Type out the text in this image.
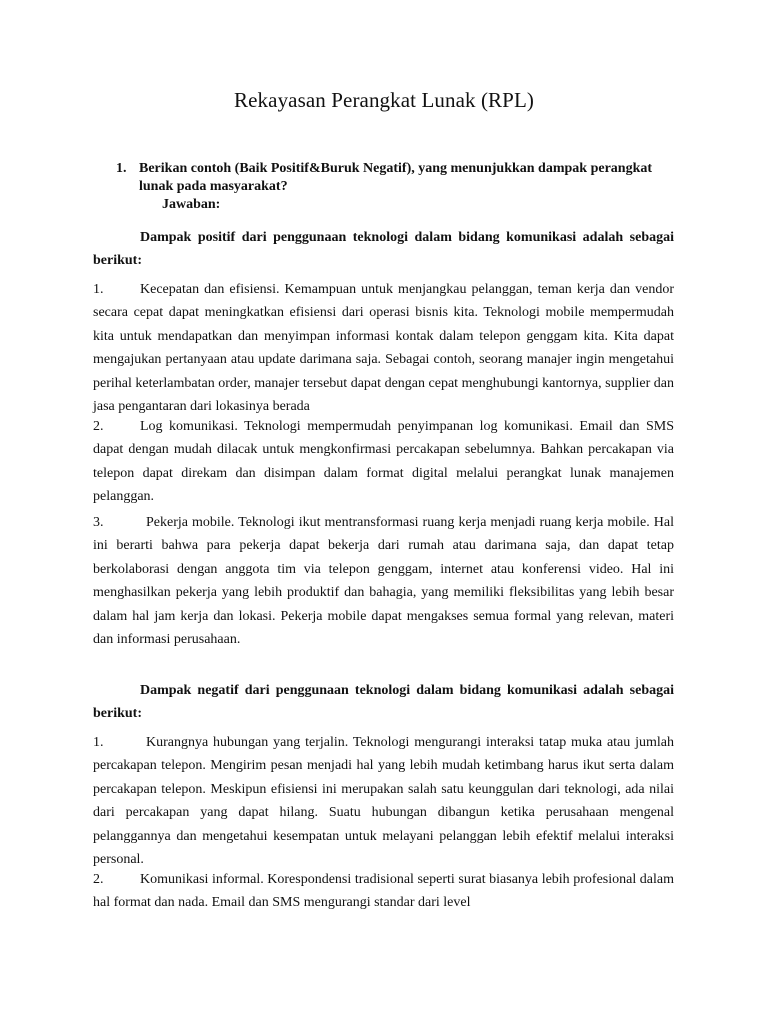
Rekayasan Perangkat Lunak (RPL)
1. Berikan contoh (Baik Positif&Buruk Negatif), yang menunjukkan dampak perangkat lunak pada masyarakat?
Jawaban:

Dampak positif dari penggunaan teknologi dalam bidang komunikasi adalah sebagai berikut:

1.	Kecepatan dan efisiensi. Kemampuan untuk menjangkau pelanggan, teman kerja dan vendor secara cepat dapat meningkatkan efisiensi dari operasi bisnis kita. Teknologi mobile mempermudah kita untuk mendapatkan dan menyimpan informasi kontak dalam telepon genggam kita. Kita dapat mengajukan pertanyaan atau update darimana saja. Sebagai contoh, seorang manajer ingin mengetahui perihal keterlambatan order, manajer tersebut dapat dengan cepat menghubungi kantornya, supplier dan jasa pengantaran dari lokasinya berada

2.	Log komunikasi. Teknologi mempermudah penyimpanan log komunikasi. Email dan SMS dapat dengan mudah dilacak untuk mengkonfirmasi percakapan sebelumnya. Bahkan percakapan via telepon dapat direkam dan disimpan dalam format digital melalui perangkat lunak manajemen pelanggan.

3.	Pekerja mobile. Teknologi ikut mentransformasi ruang kerja menjadi ruang kerja mobile. Hal ini berarti bahwa para pekerja dapat bekerja dari rumah atau darimana saja, dan dapat tetap berkolaborasi dengan anggota tim via telepon genggam, internet atau konferensi video. Hal ini menghasilkan pekerja yang lebih produktif dan bahagia, yang memiliki fleksibilitas yang lebih besar dalam hal jam kerja dan lokasi. Pekerja mobile dapat mengakses semua formal yang relevan, materi dan informasi perusahaan.

Dampak negatif dari penggunaan teknologi dalam bidang komunikasi adalah sebagai berikut:

1.	Kurangnya hubungan yang terjalin. Teknologi mengurangi interaksi tatap muka atau jumlah percakapan telepon. Mengirim pesan menjadi hal yang lebih mudah ketimbang harus ikut serta dalam percakapan telepon. Meskipun efisiensi ini merupakan salah satu keunggulan dari teknologi, ada nilai dari percakapan yang dapat hilang. Suatu hubungan dibangun ketika perusahaan mengenal pelanggannya dan mengetahui kesempatan untuk melayani pelanggan lebih efektif melalui interaksi personal.

2.	Komunikasi informal. Korespondensi tradisional seperti surat biasanya lebih profesional dalam hal format dan nada. Email dan SMS mengurangi standar dari level
